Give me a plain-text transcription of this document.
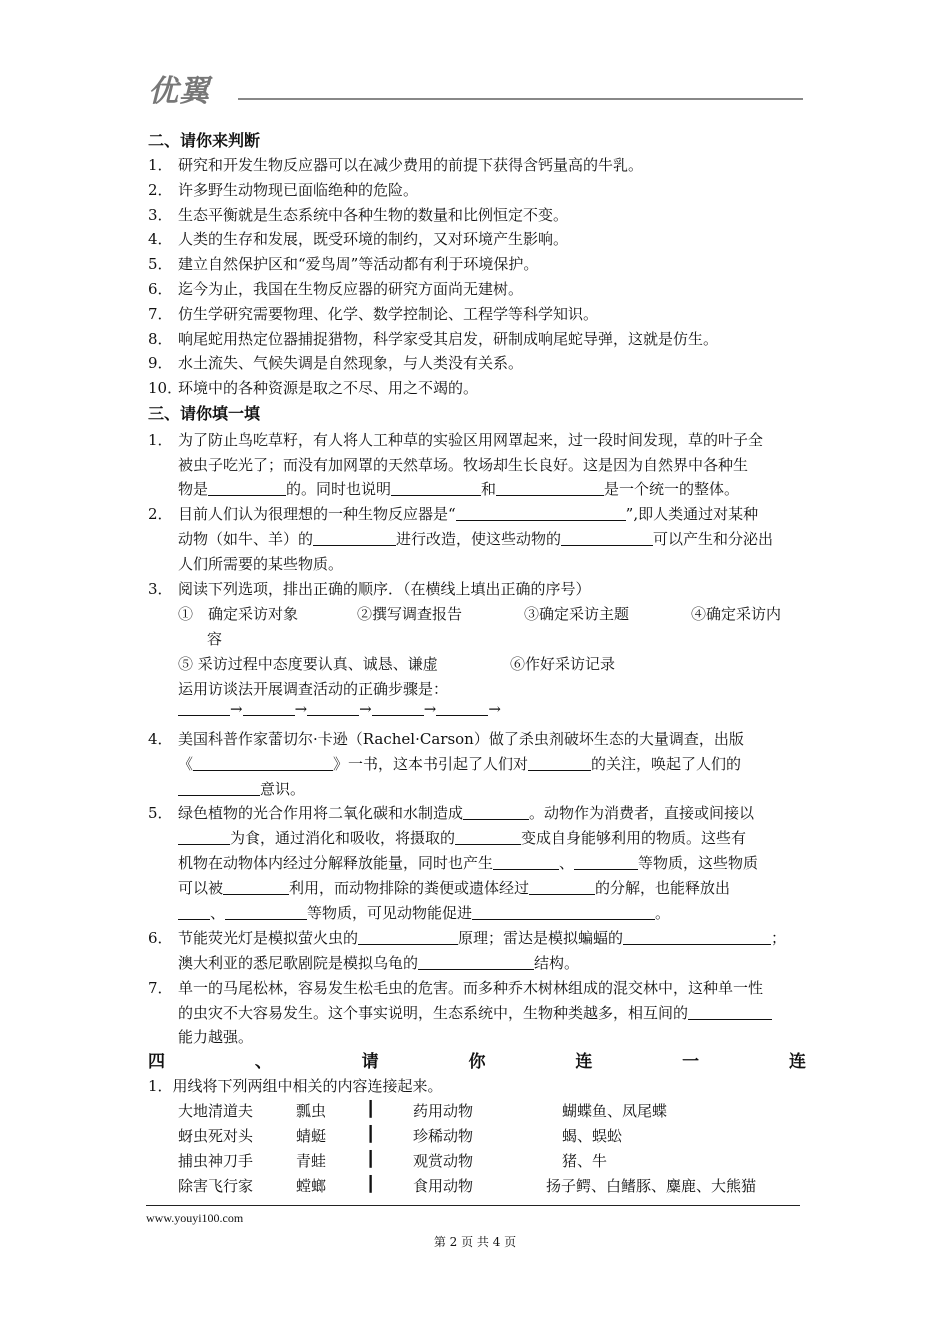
优翼
二、请你来判断
1． 研究和开发生物反应器可以在减少费用的前提下获得含钙量高的牛乳。
2． 许多野生动物现已面临绝种的危险。
3． 生态平衡就是生态系统中各种生物的数量和比例恒定不变。
4． 人类的生存和发展，既受环境的制约，又对环境产生影响。
5． 建立自然保护区和“爱鸟周”等活动都有利于环境保护。
6． 迄今为止，我国在生物反应器的研究方面尚无建树。
7． 仿生学研究需要物理、化学、数学控制论、工程学等科学知识。
8． 响尾蛇用热定位器捕捉猎物，科学家受其启发，研制成响尾蛇导弹，这就是仿生。
9． 水土流失、气候失调是自然现象，与人类没有关系。
10．环境中的各种资源是取之不尽、用之不竭的。
三、请你填一填
1． 为了防止鸟吃草籽，有人将人工种草的实验区用网罩起来，过一段时间发现，草的叶子全
被虫子吃光了；而没有加网罩的天然草场。牧场却生长良好。这是因为自然界中各种生
物是	的。同时也说明	和	是一个统一的整体。
2． 目前人们认为很理想的一种生物反应器是“	”,即人类通过对某种
动物（如牛、羊）的	进行改造，使这些动物的	可以产生和分泌出
人们所需要的某些物质。
3． 阅读下列选项，排出正确的顺序．（在横线上填出正确的序号）
①　确定采访对象	②撰写调查报告	③确定采访主题	④确定采访内
容
⑤ 采访过程中态度要认真、诚恳、谦虚	⑥作好采访记录
运用访谈法开展调查活动的正确步骤是：
→	→	→	→	→
4． 美国科普作家蕾切尔·卡逊（Rachel·Carson）做了杀虫剂破坏生态的大量调查，出版
《	》一书，这本书引起了人们对	的关注，唤起了人们的
意识。
5． 绿色植物的光合作用将二氧化碳和水制造成	。动物作为消费者，直接或间接以
为食，通过消化和吸收，将摄取的	变成自身能够利用的物质。这些有
机物在动物体内经过分解释放能量，同时也产生	、	等物质，这些物质
可以被	利用，而动物排除的粪便或遗体经过	的分解，也能释放出
、	等物质，可见动物能促进	。
6． 节能荧光灯是模拟萤火虫的	原理；雷达是模拟蝙蝠的	；
澳大利亚的悉尼歌剧院是模拟乌龟的	结构。
7． 单一的马尾松林，容易发生松毛虫的危害。而多种乔木树林组成的混交林中，这种单一性
的虫灾不大容易发生。这个事实说明，生态系统中，生物种类越多，相互间的
能力越强。
四	、	请	你	连	一	连
1．用线将下列两组中相关的内容连接起来。
大地清道夫	瓢虫	┃	药用动物	蝴蝶鱼、凤尾蝶
蚜虫死对头	蜻蜓	┃	珍稀动物	蝎、蜈蚣
捕虫神刀手	青蛙	┃	观赏动物	猪、牛
除害飞行家	螳螂	┃	食用动物	扬子鳄、白鳍豚、麋鹿、大熊猫
www.youyi100.com
第 2 页 共 4 页
